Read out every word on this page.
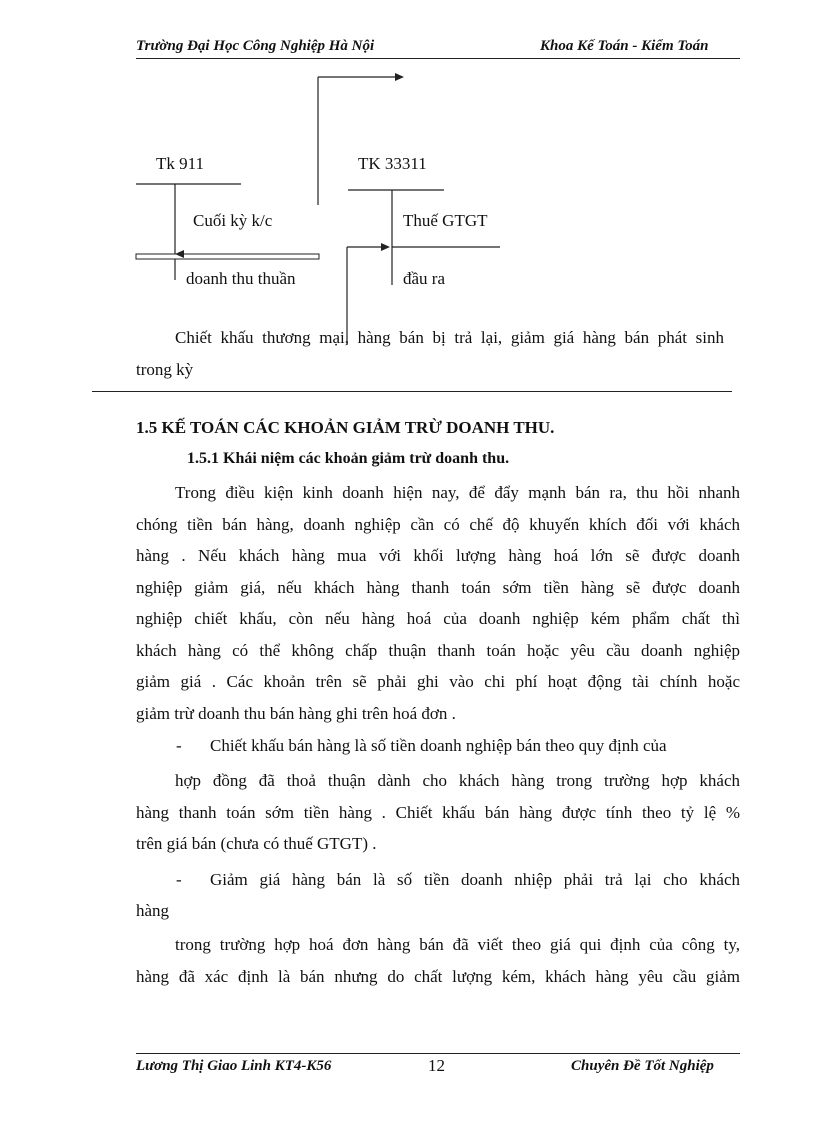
Trường Đại Học Công Nghiệp Hà Nội	Khoa Kế Toán - Kiểm Toán
Tk 911	TK 33311
Cuối kỳ k/c
doanh thu thuần
Thuế GTGT
đầu ra
Chiết khấu thương mại, hàng bán bị trả lại, giảm giá hàng bán phát sinh
trong kỳ
1.5 KẾ TOÁN CÁC KHOẢN GIẢM TRỪ DOANH THU.
1.5.1 Khái niệm các khoản giảm trừ doanh thu.
Trong điều kiện kinh doanh hiện nay, để đẩy mạnh bán ra, thu hồi nhanh
chóng tiền bán hàng, doanh nghiệp cần có chế độ khuyến khích đối với khách
hàng . Nếu khách hàng mua với khối lượng hàng hoá lớn sẽ được doanh
nghiệp giảm giá, nếu khách hàng thanh toán sớm tiền hàng sẽ được doanh
nghiệp chiết khấu, còn nếu hàng hoá của doanh nghiệp kém phẩm chất thì
khách hàng có thể không chấp thuận thanh toán hoặc yêu cầu doanh nghiệp
giảm giá . Các khoản trên sẽ phải ghi vào chi phí hoạt động tài chính hoặc
giảm trừ doanh thu bán hàng ghi trên hoá đơn .
- Chiết khấu bán hàng là số tiền doanh nghiệp bán theo quy định của
hợp đồng đã thoả thuận dành cho khách hàng trong trường hợp khách
hàng thanh toán sớm tiền hàng . Chiết khấu bán hàng được tính theo tỷ lệ %
trên giá bán (chưa có thuế GTGT) .
- Giảm giá hàng bán là số tiền doanh nhiệp phải trả lại cho khách
hàng
trong trường hợp hoá đơn hàng bán đã viết theo giá qui định của công ty,
hàng đã xác định là bán nhưng do chất lượng kém, khách hàng yêu cầu giảm
Lương Thị Giao Linh KT4-K56	12	Chuyên Đề Tốt Nghiệp
